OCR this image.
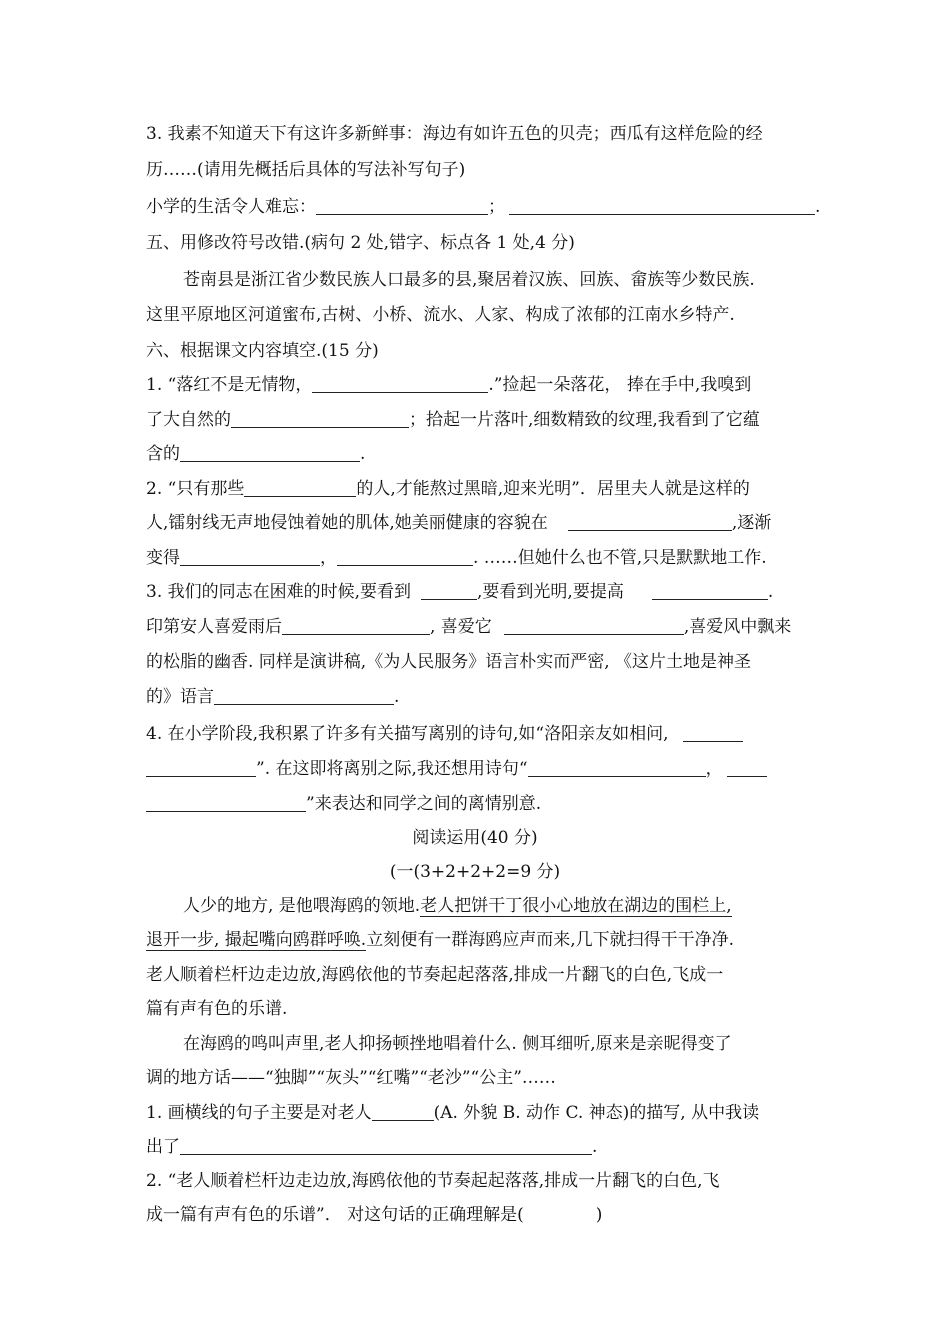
3. 我素不知道天下有这许多新鲜事：海边有如许五色的贝壳；西瓜有这样危险的经
历……(请用先概括后具体的写法补写句子)
小学的生活令人难忘：	；	.
五、用修改符号改错.(病句 2 处,错字、标点各 1 处,4 分)
苍南县是浙江省少数民族人口最多的县,聚居着汉族、回族、畲族等少数民族.
这里平原地区河道蜜布,古树、小桥、流水、人家、构成了浓郁的江南水乡特产.
六、根据课文内容填空.(15 分)
1. “落红不是无情物，	.”捡起一朵落花， 捧在手中,我嗅到
了大自然的	；拾起一片落叶,细数精致的纹理,我看到了它蕴
含的	.
2. “只有那些	的人,才能熬过黑暗,迎来光明”．居里夫人就是这样的
人,镭射线无声地侵蚀着她的肌体,她美丽健康的容貌在	,逐渐
变得	，	. ……但她什么也不管,只是默默地工作.
3. 我们的同志在困难的时候,要看到	,要看到光明,要提高	.
印第安人喜爱雨后	, 喜爱它	,喜爱风中飘来
的松脂的幽香. 同样是演讲稿,《为人民服务》语言朴实而严密, 《这片土地是神圣
的》语言	.
4. 在小学阶段,我积累了许多有关描写离别的诗句,如“洛阳亲友如相问,
”. 在这即将离别之际,我还想用诗句“	，
”来表达和同学之间的离情别意.
阅读运用(40 分)
(一(3+2+2+2=9 分)
人少的地方, 是他喂海鸥的领地.老人把饼干丁很小心地放在湖边的围栏上,
退开一步, 撮起嘴向鸥群呼唤.立刻便有一群海鸥应声而来,几下就扫得干干净净.
老人顺着栏杆边走边放,海鸥依他的节奏起起落落,排成一片翻飞的白色,飞成一
篇有声有色的乐谱.
在海鸥的鸣叫声里,老人抑扬顿挫地唱着什么. 侧耳细听,原来是亲昵得变了
调的地方话——“独脚”“灰头”“红嘴”“老沙”“公主”……
1. 画横线的句子主要是对老人	(A. 外貌 B. 动作 C. 神态)的描写, 从中我读
出了	.
2. “老人顺着栏杆边走边放,海鸥依他的节奏起起落落,排成一片翻飞的白色,飞
成一篇有声有色的乐谱”． 对这句话的正确理解是(	)
